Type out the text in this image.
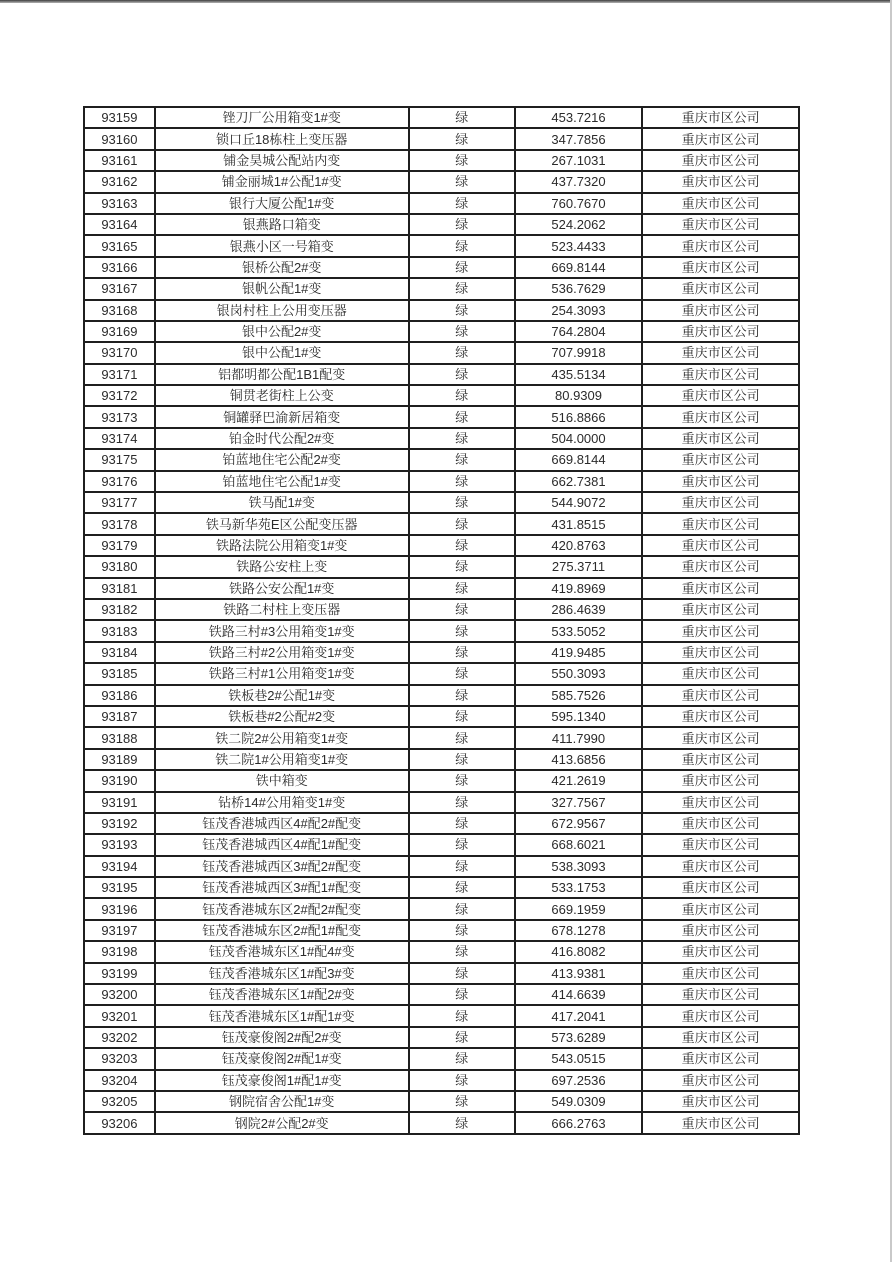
93159	锉刀厂公用箱变1#变	绿	453.7216	重庆市区公司
93160	锁口丘18栋柱上变压器	绿	347.7856	重庆市区公司
93161	铺金昊城公配站内变	绿	267.1031	重庆市区公司
93162	铺金丽城1#公配1#变	绿	437.7320	重庆市区公司
93163	银行大厦公配1#变	绿	760.7670	重庆市区公司
93164	银燕路口箱变	绿	524.2062	重庆市区公司
93165	银燕小区一号箱变	绿	523.4433	重庆市区公司
93166	银桥公配2#变	绿	669.8144	重庆市区公司
93167	银帆公配1#变	绿	536.7629	重庆市区公司
93168	银岗村柱上公用变压器	绿	254.3093	重庆市区公司
93169	银中公配2#变	绿	764.2804	重庆市区公司
93170	银中公配1#变	绿	707.9918	重庆市区公司
93171	铝都明都公配1B1配变	绿	435.5134	重庆市区公司
93172	铜贯老街柱上公变	绿	80.9309	重庆市区公司
93173	铜罐驿巴渝新居箱变	绿	516.8866	重庆市区公司
93174	铂金时代公配2#变	绿	504.0000	重庆市区公司
93175	铂蓝地住宅公配2#变	绿	669.8144	重庆市区公司
93176	铂蓝地住宅公配1#变	绿	662.7381	重庆市区公司
93177	铁马配1#变	绿	544.9072	重庆市区公司
93178	铁马新华苑E区公配变压器	绿	431.8515	重庆市区公司
93179	铁路法院公用箱变1#变	绿	420.8763	重庆市区公司
93180	铁路公安柱上变	绿	275.3711	重庆市区公司
93181	铁路公安公配1#变	绿	419.8969	重庆市区公司
93182	铁路二村柱上变压器	绿	286.4639	重庆市区公司
93183	铁路三村#3公用箱变1#变	绿	533.5052	重庆市区公司
93184	铁路三村#2公用箱变1#变	绿	419.9485	重庆市区公司
93185	铁路三村#1公用箱变1#变	绿	550.3093	重庆市区公司
93186	铁板巷2#公配1#变	绿	585.7526	重庆市区公司
93187	铁板巷#2公配#2变	绿	595.1340	重庆市区公司
93188	铁二院2#公用箱变1#变	绿	411.7990	重庆市区公司
93189	铁二院1#公用箱变1#变	绿	413.6856	重庆市区公司
93190	铁中箱变	绿	421.2619	重庆市区公司
93191	钻桥14#公用箱变1#变	绿	327.7567	重庆市区公司
93192	钰茂香港城西区4#配2#配变	绿	672.9567	重庆市区公司
93193	钰茂香港城西区4#配1#配变	绿	668.6021	重庆市区公司
93194	钰茂香港城西区3#配2#配变	绿	538.3093	重庆市区公司
93195	钰茂香港城西区3#配1#配变	绿	533.1753	重庆市区公司
93196	钰茂香港城东区2#配2#配变	绿	669.1959	重庆市区公司
93197	钰茂香港城东区2#配1#配变	绿	678.1278	重庆市区公司
93198	钰茂香港城东区1#配4#变	绿	416.8082	重庆市区公司
93199	钰茂香港城东区1#配3#变	绿	413.9381	重庆市区公司
93200	钰茂香港城东区1#配2#变	绿	414.6639	重庆市区公司
93201	钰茂香港城东区1#配1#变	绿	417.2041	重庆市区公司
93202	钰茂豪俊阁2#配2#变	绿	573.6289	重庆市区公司
93203	钰茂豪俊阁2#配1#变	绿	543.0515	重庆市区公司
93204	钰茂豪俊阁1#配1#变	绿	697.2536	重庆市区公司
93205	钢院宿舍公配1#变	绿	549.0309	重庆市区公司
93206	钢院2#公配2#变	绿	666.2763	重庆市区公司
